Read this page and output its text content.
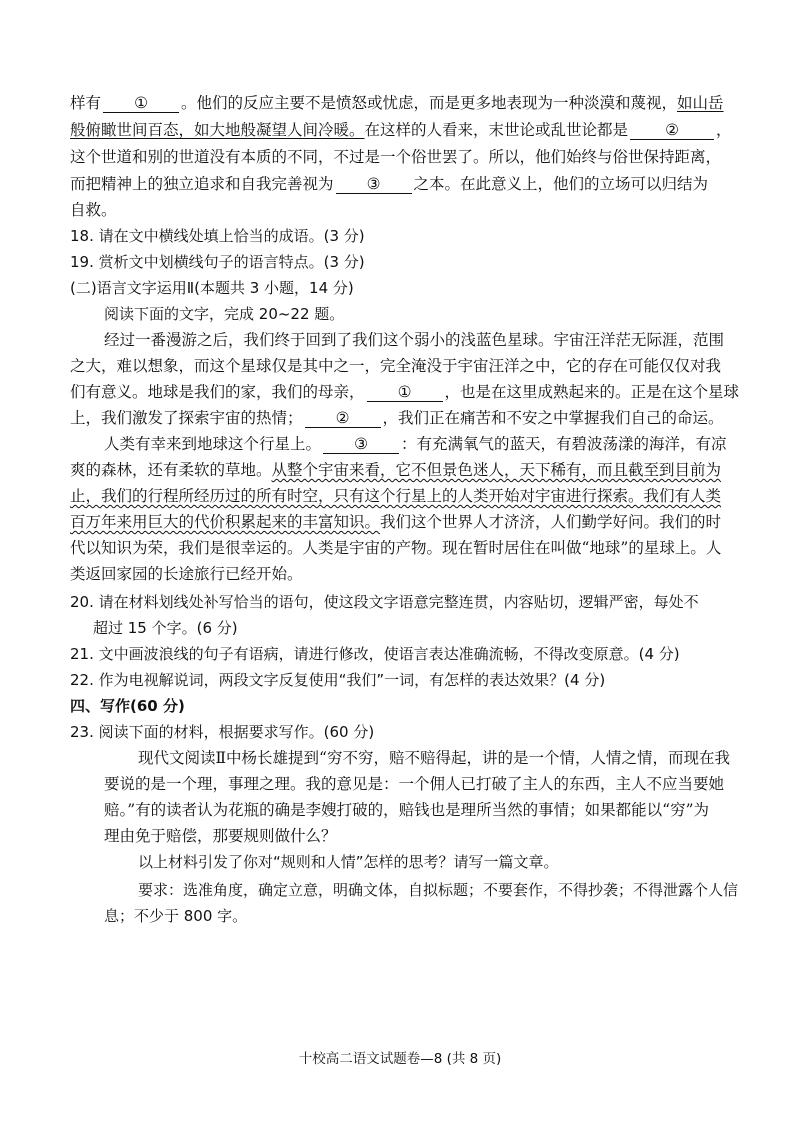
样有 ① 。他们的反应主要不是愤怒或忧虑，而是更多地表现为一种淡漠和蔑视，如山岳
般俯瞰世间百态，如大地般凝望人间冷暖。在这样的人看来，末世论或乱世论都是 ② ，
这个世道和别的世道没有本质的不同，不过是一个俗世罢了。所以，他们始终与俗世保持距离，
而把精神上的独立追求和自我完善视为 ③ 之本。在此意义上，他们的立场可以归结为
自救。
18. 请在文中横线处填上恰当的成语。(3 分)
19. 赏析文中划横线句子的语言特点。(3 分)
(二)语言文字运用Ⅱ(本题共 3 小题，14 分)
阅读下面的文字，完成 20~22 题。
经过一番漫游之后，我们终于回到了我们这个弱小的浅蓝色星球。宇宙汪洋茫无际涯，范围
之大，难以想象，而这个星球仅是其中之一，完全淹没于宇宙汪洋之中，它的存在可能仅仅对我
们有意义。地球是我们的家，我们的母亲， ① ，也是在这里成熟起来的。正是在这个星球
上，我们激发了探索宇宙的热情； ② ，我们正在痛苦和不安之中掌握我们自己的命运。
人类有幸来到地球这个行星上。 ③ ：有充满氧气的蓝天，有碧波荡漾的海洋，有凉
爽的森林，还有柔软的草地。从整个宇宙来看，它不但景色迷人，天下稀有，而且截至到目前为
止，我们的行程所经历过的所有时空，只有这个行星上的人类开始对宇宙进行探索。我们有人类
百万年来用巨大的代价积累起来的丰富知识。我们这个世界人才济济，人们勤学好问。我们的时
代以知识为荣，我们是很幸运的。人类是宇宙的产物。现在暂时居住在叫做“地球”的星球上。人
类返回家园的长途旅行已经开始。
20. 请在材料划线处补写恰当的语句，使这段文字语意完整连贯，内容贴切，逻辑严密，每处不
超过 15 个字。(6 分)
21. 文中画波浪线的句子有语病，请进行修改，使语言表达准确流畅，不得改变原意。(4 分)
22. 作为电视解说词，两段文字反复使用“我们”一词，有怎样的表达效果？(4 分)
四、写作(60 分)
23. 阅读下面的材料，根据要求写作。(60 分)
现代文阅读Ⅱ中杨长雄提到“穷不穷，赔不赔得起，讲的是一个情，人情之情，而现在我
要说的是一个理，事理之理。我的意见是：一个佣人已打破了主人的东西，主人不应当要她
赔。”有的读者认为花瓶的确是李嫂打破的，赔钱也是理所当然的事情；如果都能以“穷”为
理由免于赔偿，那要规则做什么？
以上材料引发了你对“规则和人情”怎样的思考？请写一篇文章。
要求：选准角度，确定立意，明确文体，自拟标题；不要套作，不得抄袭；不得泄露个人信
息；不少于 800 字。
十校高二语文试题卷—8 (共 8 页)
